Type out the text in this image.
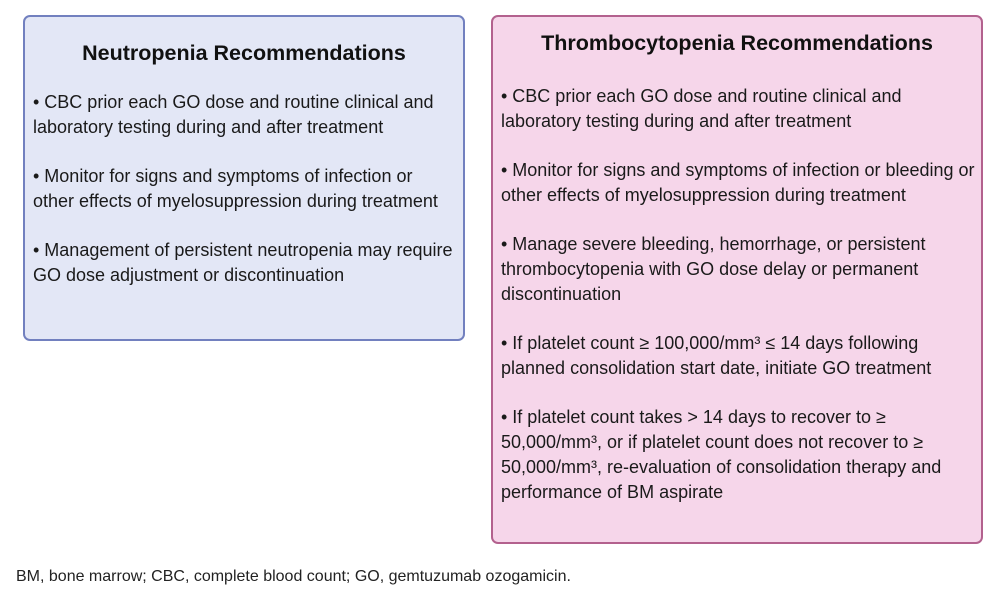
Neutropenia Recommendations
• CBC prior each GO dose and routine clinical and laboratory testing during and after treatment
• Monitor for signs and symptoms of infection or other effects of myelosuppression during treatment
• Management of persistent neutropenia may require GO dose adjustment or discontinuation
Thrombocytopenia Recommendations
• CBC prior each GO dose and routine clinical and laboratory testing during and after treatment
• Monitor for signs and symptoms of infection or bleeding or other effects of myelosuppression during treatment
• Manage severe bleeding, hemorrhage, or persistent thrombocytopenia with GO dose delay or permanent discontinuation
• If platelet count ≥ 100,000/mm³ ≤ 14 days following planned consolidation start date, initiate GO treatment
• If platelet count takes > 14 days to recover to ≥ 50,000/mm³, or if platelet count does not recover to ≥ 50,000/mm³, re-evaluation of consolidation therapy and performance of BM aspirate
BM, bone marrow; CBC, complete blood count; GO, gemtuzumab ozogamicin.
